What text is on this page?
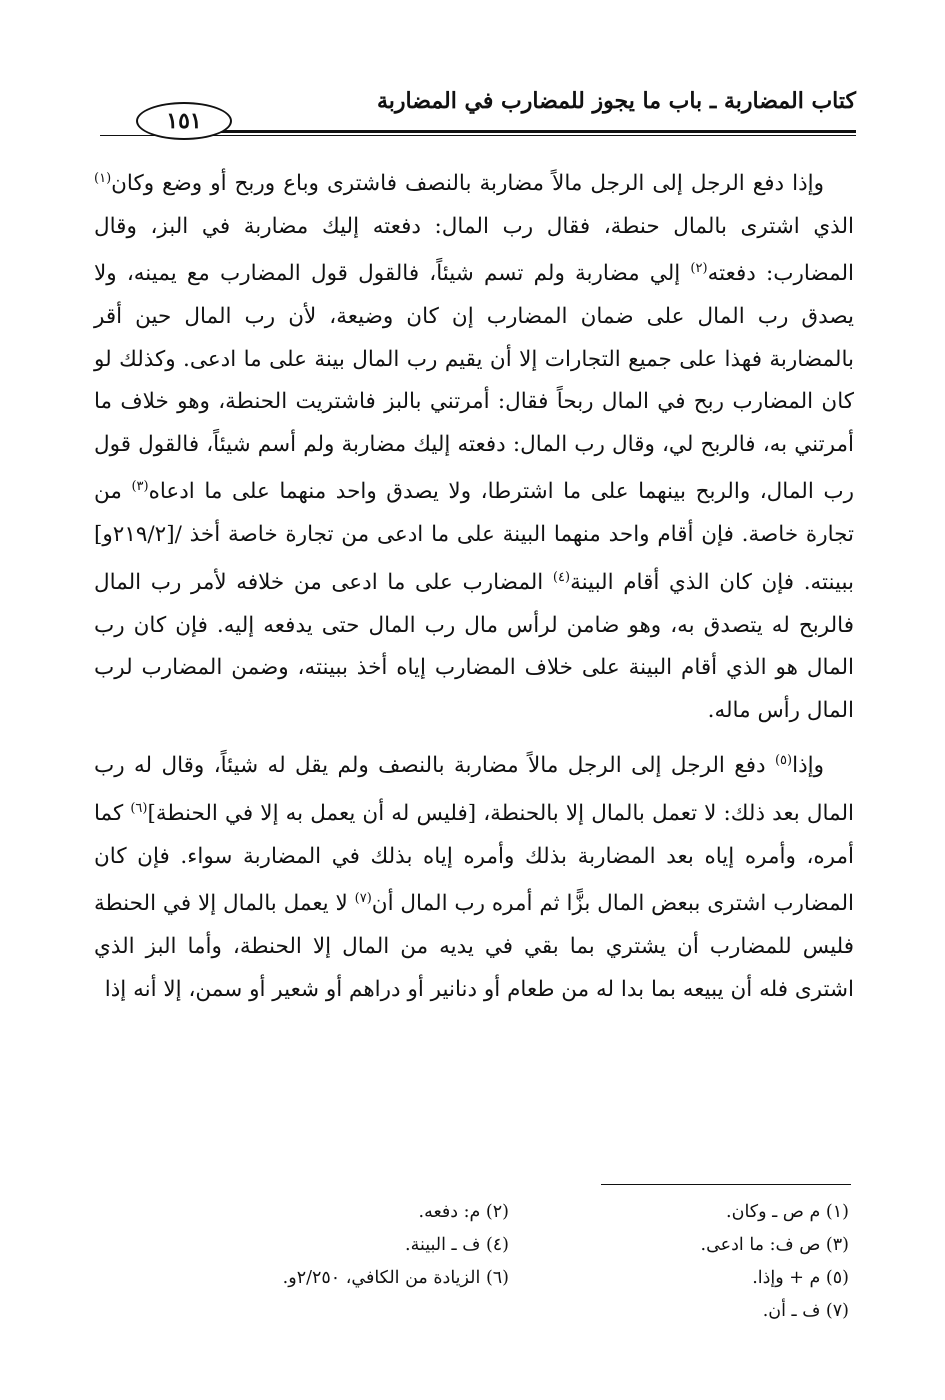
كتاب المضاربة ـ باب ما يجوز للمضارب في المضاربة
١٥١

وإذا دفع الرجل إلى الرجل مالاً مضاربة بالنصف فاشترى وباع وربح أو وضع وكان$^{(١)}$ الذي اشترى بالمال حنطة، فقال رب المال: دفعته إليك مضاربة في البز، وقال المضارب: دفعته$^{(٢)}$ إلي مضاربة ولم تسم شيئاً، فالقول قول المضارب مع يمينه، ولا يصدق رب المال على ضمان المضارب إن كان وضيعة، لأن رب المال حين أقر بالمضاربة فهذا على جميع التجارات إلا أن يقيم رب المال بينة على ما ادعى. وكذلك لو كان المضارب ربح في المال ربحاً فقال: أمرتني بالبز فاشتريت الحنطة، وهو خلاف ما أمرتني به، فالربح لي، وقال رب المال: دفعته إليك مضاربة ولم أسم شيئاً، فالقول قول رب المال، والربح بينهما على ما اشترطا، ولا يصدق واحد منهما على ما ادعاه$^{(٣)}$ من تجارة خاصة. فإن أقام واحد منهما البينة على ما ادعى من تجارة خاصة أخذ /[٢١٩/٢و] ببينته. فإن كان الذي أقام البينة$^{(٤)}$ المضارب على ما ادعى من خلافه لأمر رب المال فالربح له يتصدق به، وهو ضامن لرأس مال رب المال حتى يدفعه إليه. فإن كان رب المال هو الذي أقام البينة على خلاف المضارب إياه أخذ ببينته، وضمن المضارب لرب المال رأس ماله.

وإذا$^{(٥)}$ دفع الرجل إلى الرجل مالاً مضاربة بالنصف ولم يقل له شيئاً، وقال له رب المال بعد ذلك: لا تعمل بالمال إلا بالحنطة، [فليس له أن يعمل به إلا في الحنطة]$^{(٦)}$ كما أمره، وأمره إياه بعد المضاربة بذلك وأمره إياه بذلك في المضاربة سواء. فإن كان المضارب اشترى ببعض المال بزًّا ثم أمره رب المال أن$^{(٧)}$ لا يعمل بالمال إلا في الحنطة فليس للمضارب أن يشتري بما بقي في يديه من المال إلا الحنطة، وأما البز الذي اشترى فله أن يبيعه بما بدا له من طعام أو دنانير أو دراهم أو شعير أو سمن، إلا أنه إذا

(١) م ص ـ وكان.
(٣) ص ف: ما ادعى.
(٥) م + وإذا.
(٧) ف ـ أن.
(٢) م: دفعه.
(٤) ف ـ البينة.
(٦) الزيادة من الكافي، ٢/٢٥٠و.
